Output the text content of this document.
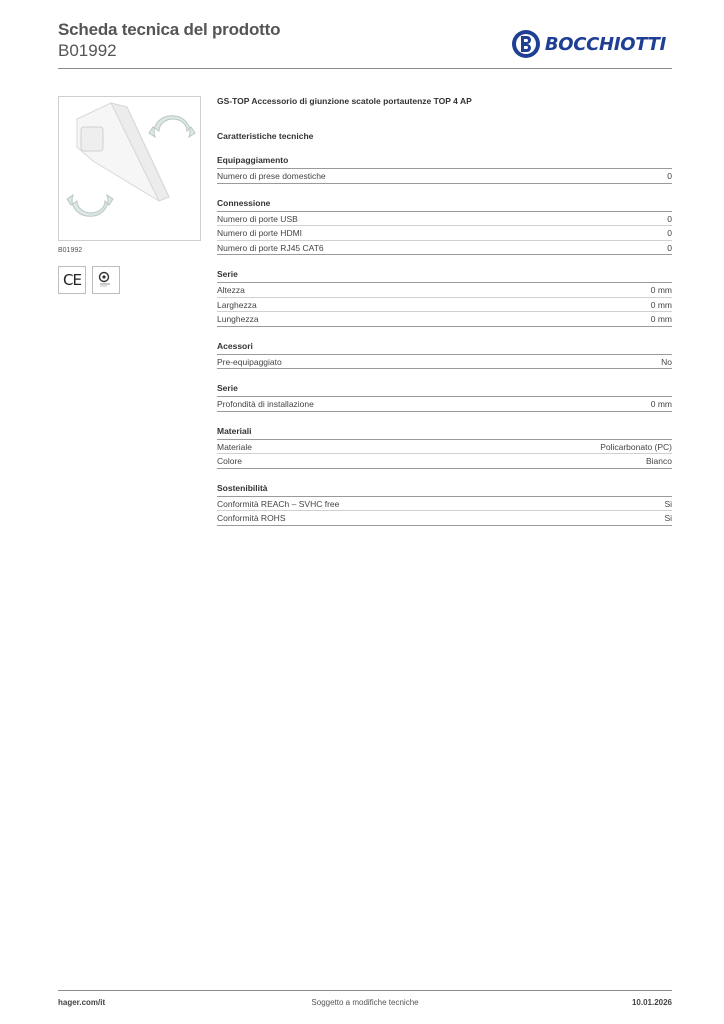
Scheda tecnica del prodotto
B01992	BOCCHIOTTI
B01992
CE
GS-TOP Accessorio di giunzione scatole portautenze TOP 4 AP
Caratteristiche tecniche
Equipaggiamento
Numero di prese domestiche	0
Connessione
Numero di porte USB	0
Numero di porte HDMI	0
Numero di porte RJ45 CAT6	0
Serie
Altezza	0 mm
Larghezza	0 mm
Lunghezza	0 mm
Acessori
Pre-equipaggiato	No
Serie
Profondità di installazione	0 mm
Materiali
Materiale	Policarbonato (PC)
Colore	Bianco
Sostenibilità
Conformità REACh – SVHC free	Si
Conformità ROHS	Si
hager.com/it	Soggetto a modifiche tecniche	10.01.2026
